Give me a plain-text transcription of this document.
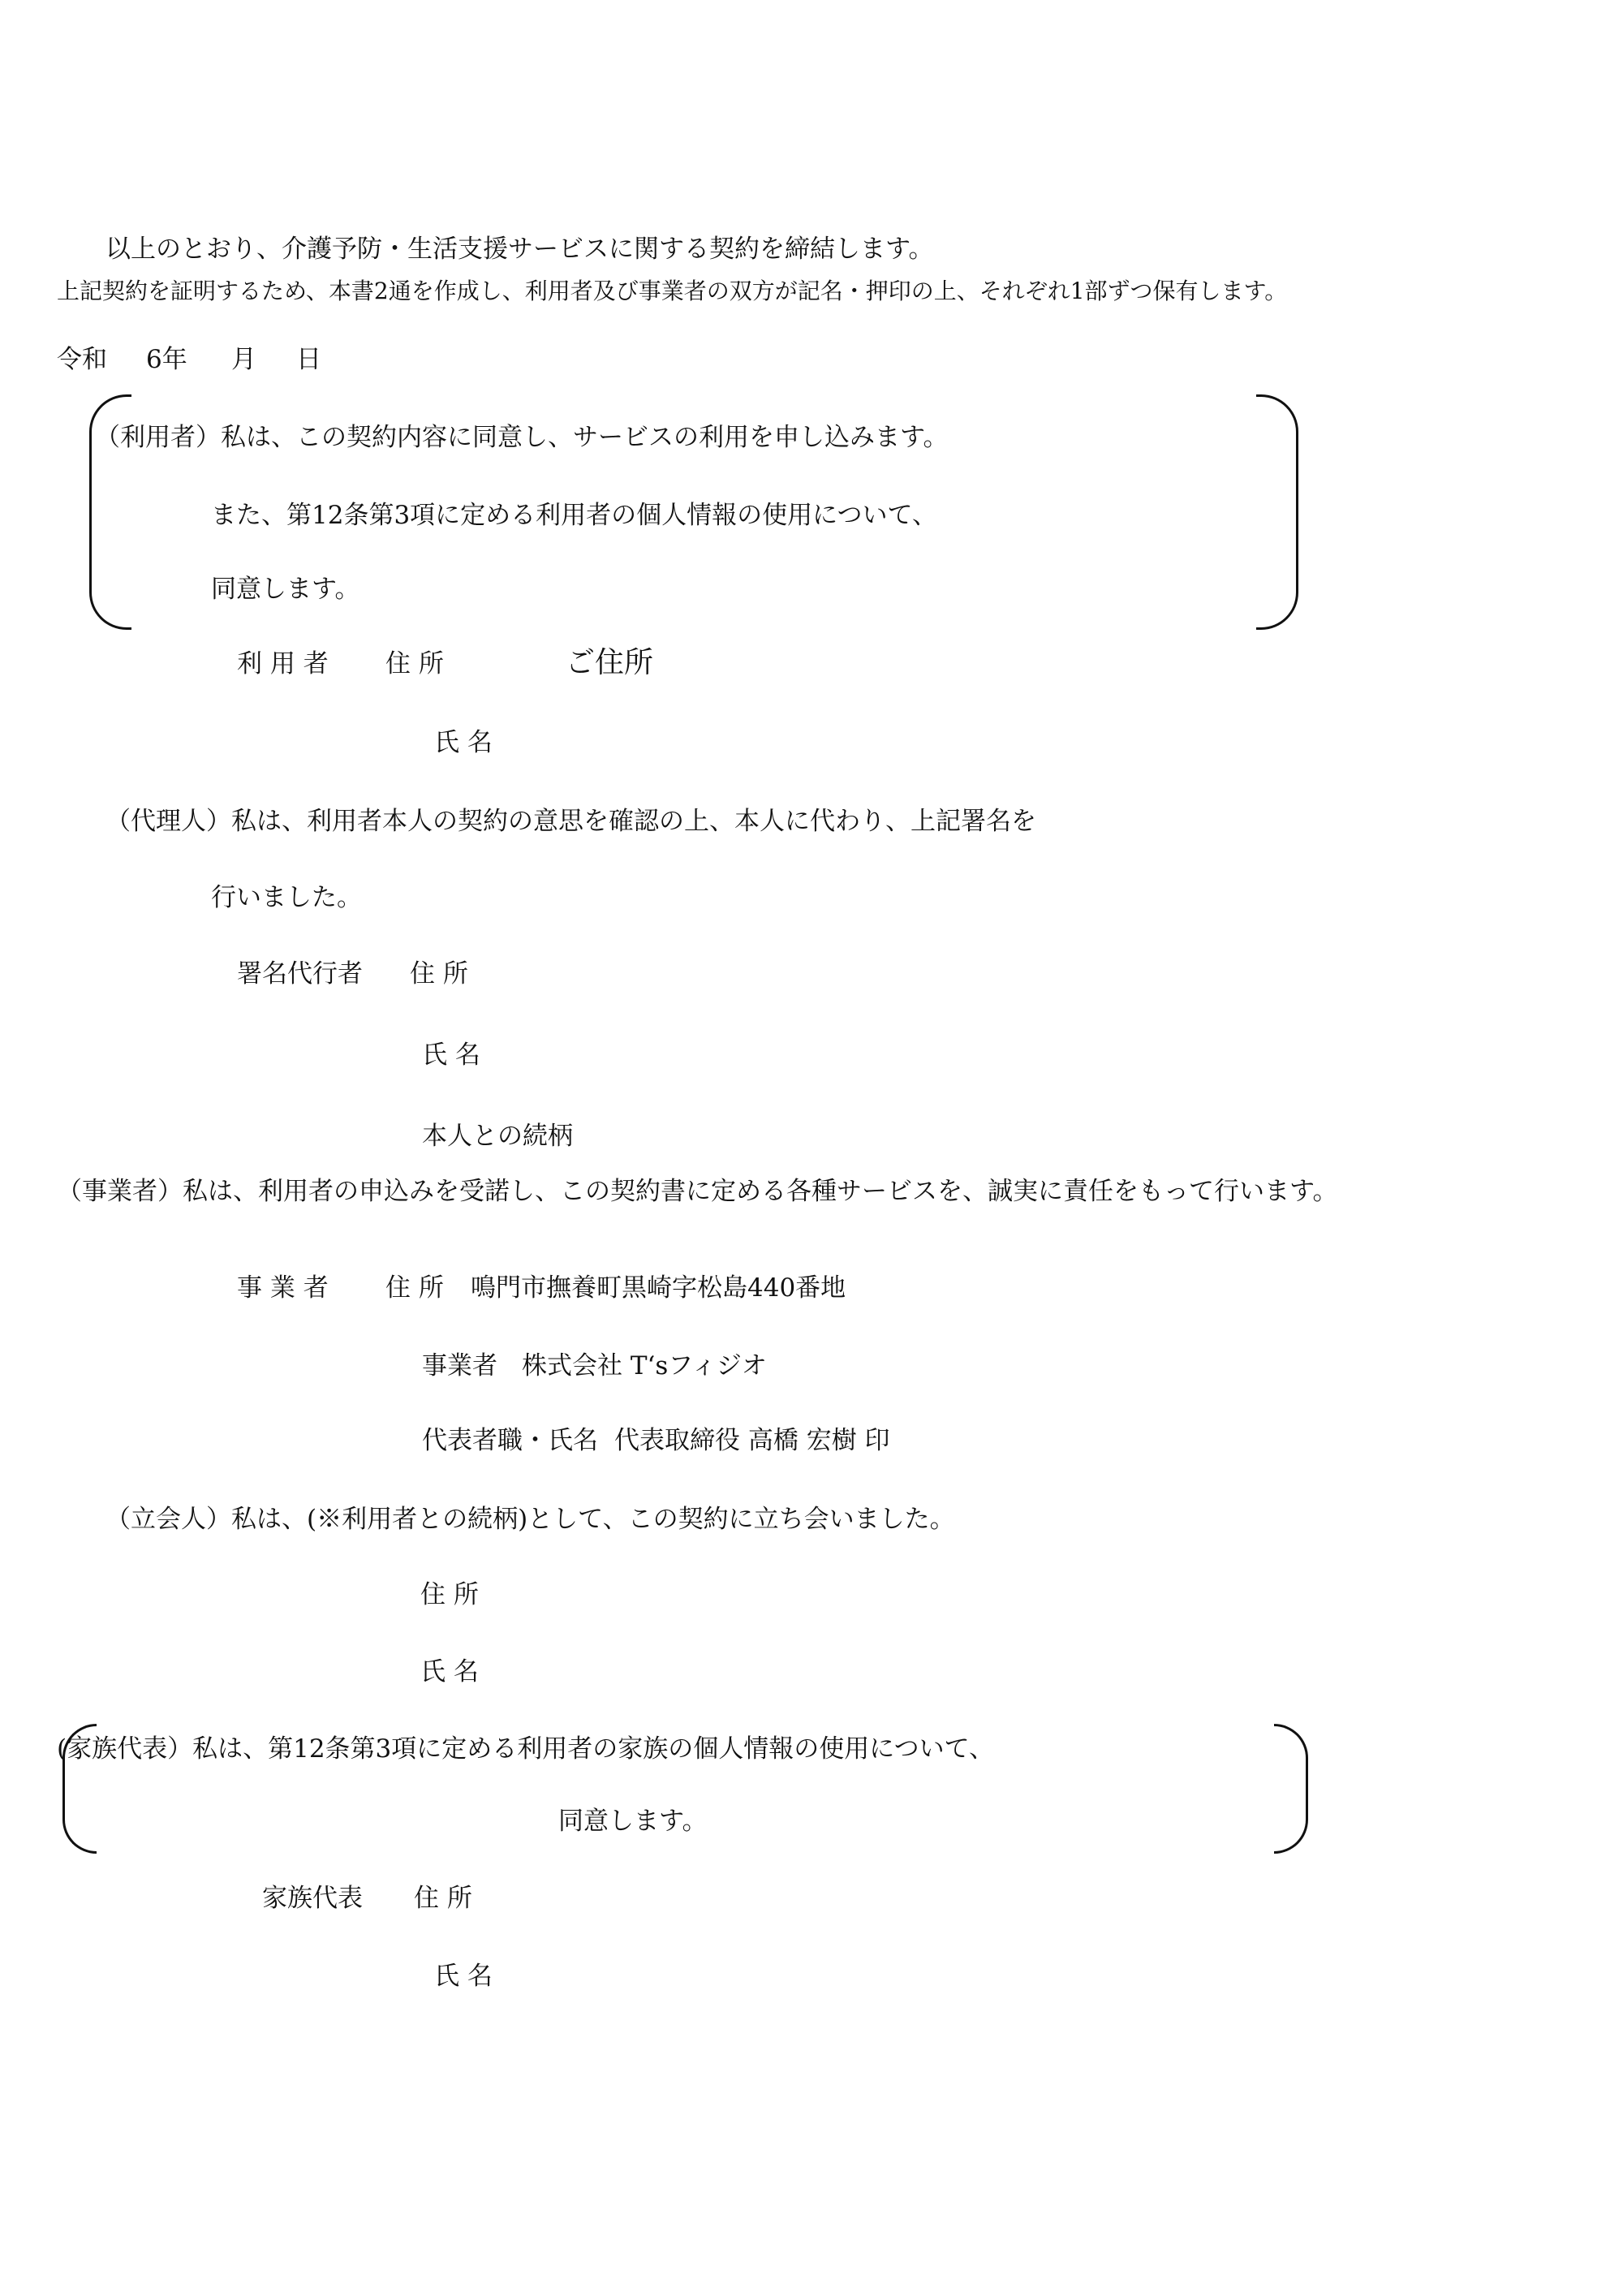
以上のとおり、介護予防・生活支援サービスに関する契約を締結します。
上記契約を証明するため、本書2通を作成し、利用者及び事業者の双方が記名・押印の上、それぞれ1部ずつ保有します。
令和 6年 月 日
（利用者）私は、この契約内容に同意し、サービスの利用を申し込みます。
また、第12条第3項に定める利用者の個人情報の使用について、
同意します。
利 用 者 住 所	ご住所
氏 名
（代理人）私は、利用者本人の契約の意思を確認の上、本人に代わり、上記署名を
行いました。
署名代行者 住 所
氏 名
本人との続柄
（事業者）私は、利用者の申込みを受諾し、この契約書に定める各種サービスを、誠実に責任をもって行います。
事 業 者 住 所 鳴門市撫養町黒崎字松島440番地
事業者 株式会社 T‘sフィジオ
代表者職・氏名 代表取締役 高橋 宏樹 印
（立会人）私は、(※利用者との続柄)として、この契約に立ち会いました。
住 所
氏 名
(家族代表）私は、第12条第3項に定める利用者の家族の個人情報の使用について、
同意します。
家族代表 住 所
氏 名
